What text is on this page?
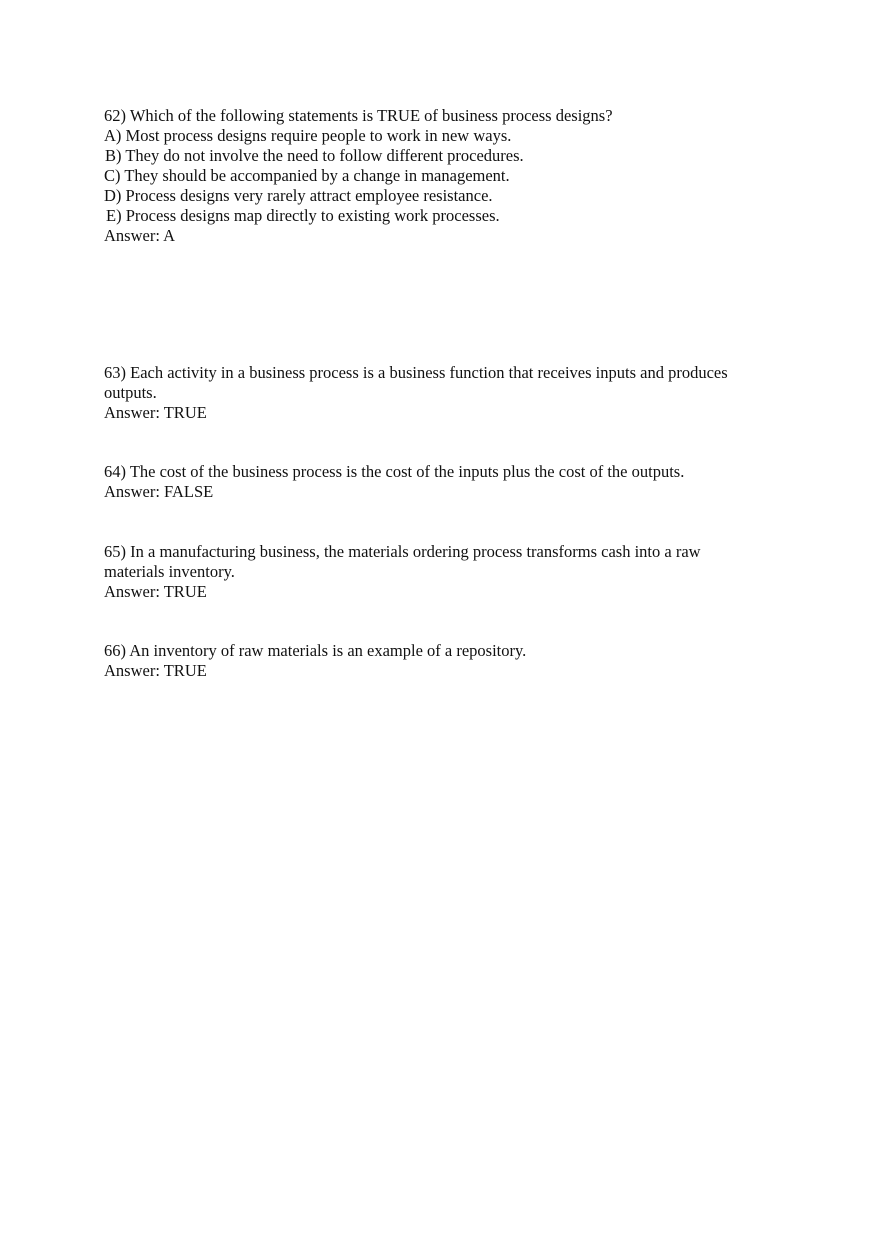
62) Which of the following statements is TRUE of business process designs?
A) Most process designs require people to work in new ways.
B) They do not involve the need to follow different procedures.
C) They should be accompanied by a change in management.
D) Process designs very rarely attract employee resistance.
E) Process designs map directly to existing work processes.
Answer: A
63) Each activity in a business process is a business function that receives inputs and produces outputs.
Answer: TRUE
64) The cost of the business process is the cost of the inputs plus the cost of the outputs.
Answer: FALSE
65) In a manufacturing business, the materials ordering process transforms cash into a raw materials inventory.
Answer: TRUE
66) An inventory of raw materials is an example of a repository.
Answer: TRUE
